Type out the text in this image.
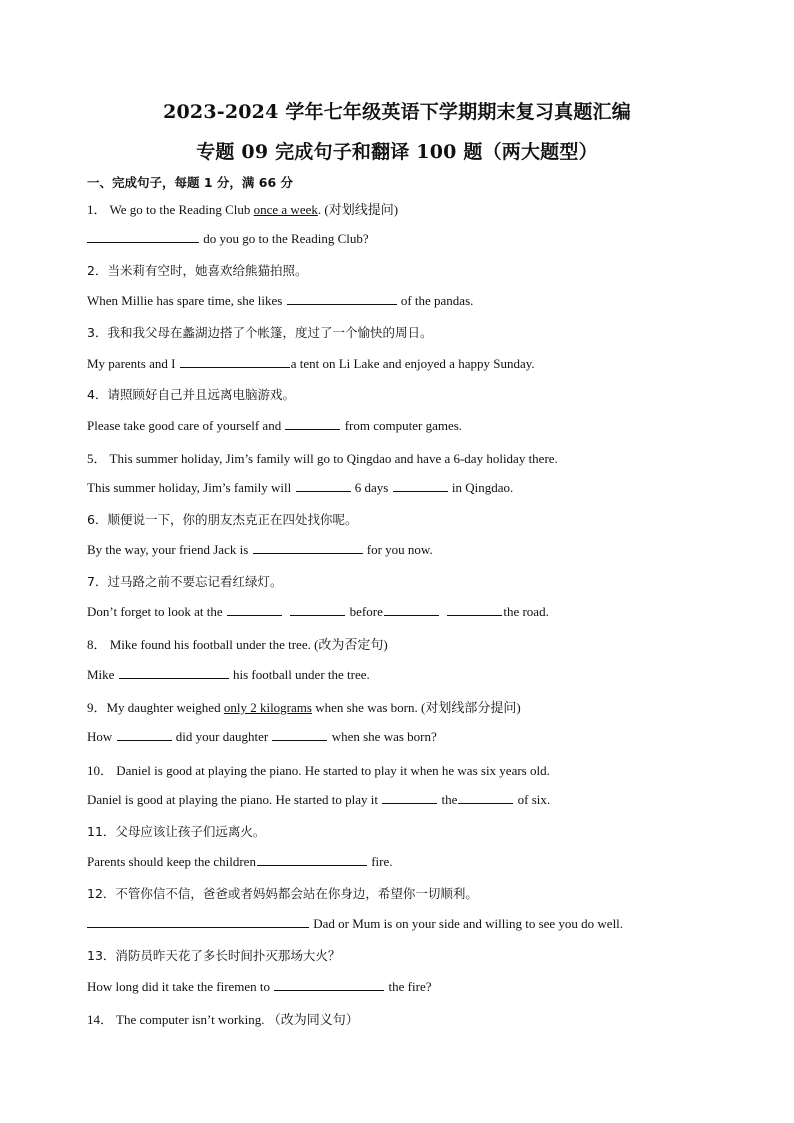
2023-2024 学年七年级英语下学期期末复习真题汇编
专题 09 完成句子和翻译 100 题（两大题型）
一、完成句子，每题 1 分，满 66 分
1． We go to the Reading Club once a week. (对划线提问)
do you go to the Reading Club?
2．当米莉有空时，她喜欢给熊猫拍照。
When Millie has spare time, she likes	of the pandas.
3．我和我父母在蠡湖边搭了个帐篷，度过了一个愉快的周日。
My parents and I	a tent on Li Lake and enjoyed a happy Sunday.
4．请照顾好自己并且远离电脑游戏。
Please take good care of yourself and	from computer games.
5． This summer holiday, Jim’s family will go to Qingdao and have a 6-day holiday there.
This summer holiday, Jim’s family will	6 days	in Qingdao.
6．顺便说一下，你的朋友杰克正在四处找你呢。
By the way, your friend Jack is	for you now.
7．过马路之前不要忘记看红绿灯。
Don’t forget to look at the	before	the road.
8． Mike found his football under the tree. (改为否定句)
Mike	his football under the tree.
9．My daughter weighed only 2 kilograms when she was born. (对划线部分提问)
How	did your daughter	when she was born?
10． Daniel is good at playing the piano. He started to play it when he was six years old.
Daniel is good at playing the piano. He started to play it	the	of six.
11．父母应该让孩子们远离火。
Parents should keep the children	fire.
12．不管你信不信，爸爸或者妈妈都会站在你身边，希望你一切顺利。
Dad or Mum is on your side and willing to see you do well.
13．消防员昨天花了多长时间扑灭那场大火？
How long did it take the firemen to	the fire?
14． The computer isn’t working. （改为同义句）
